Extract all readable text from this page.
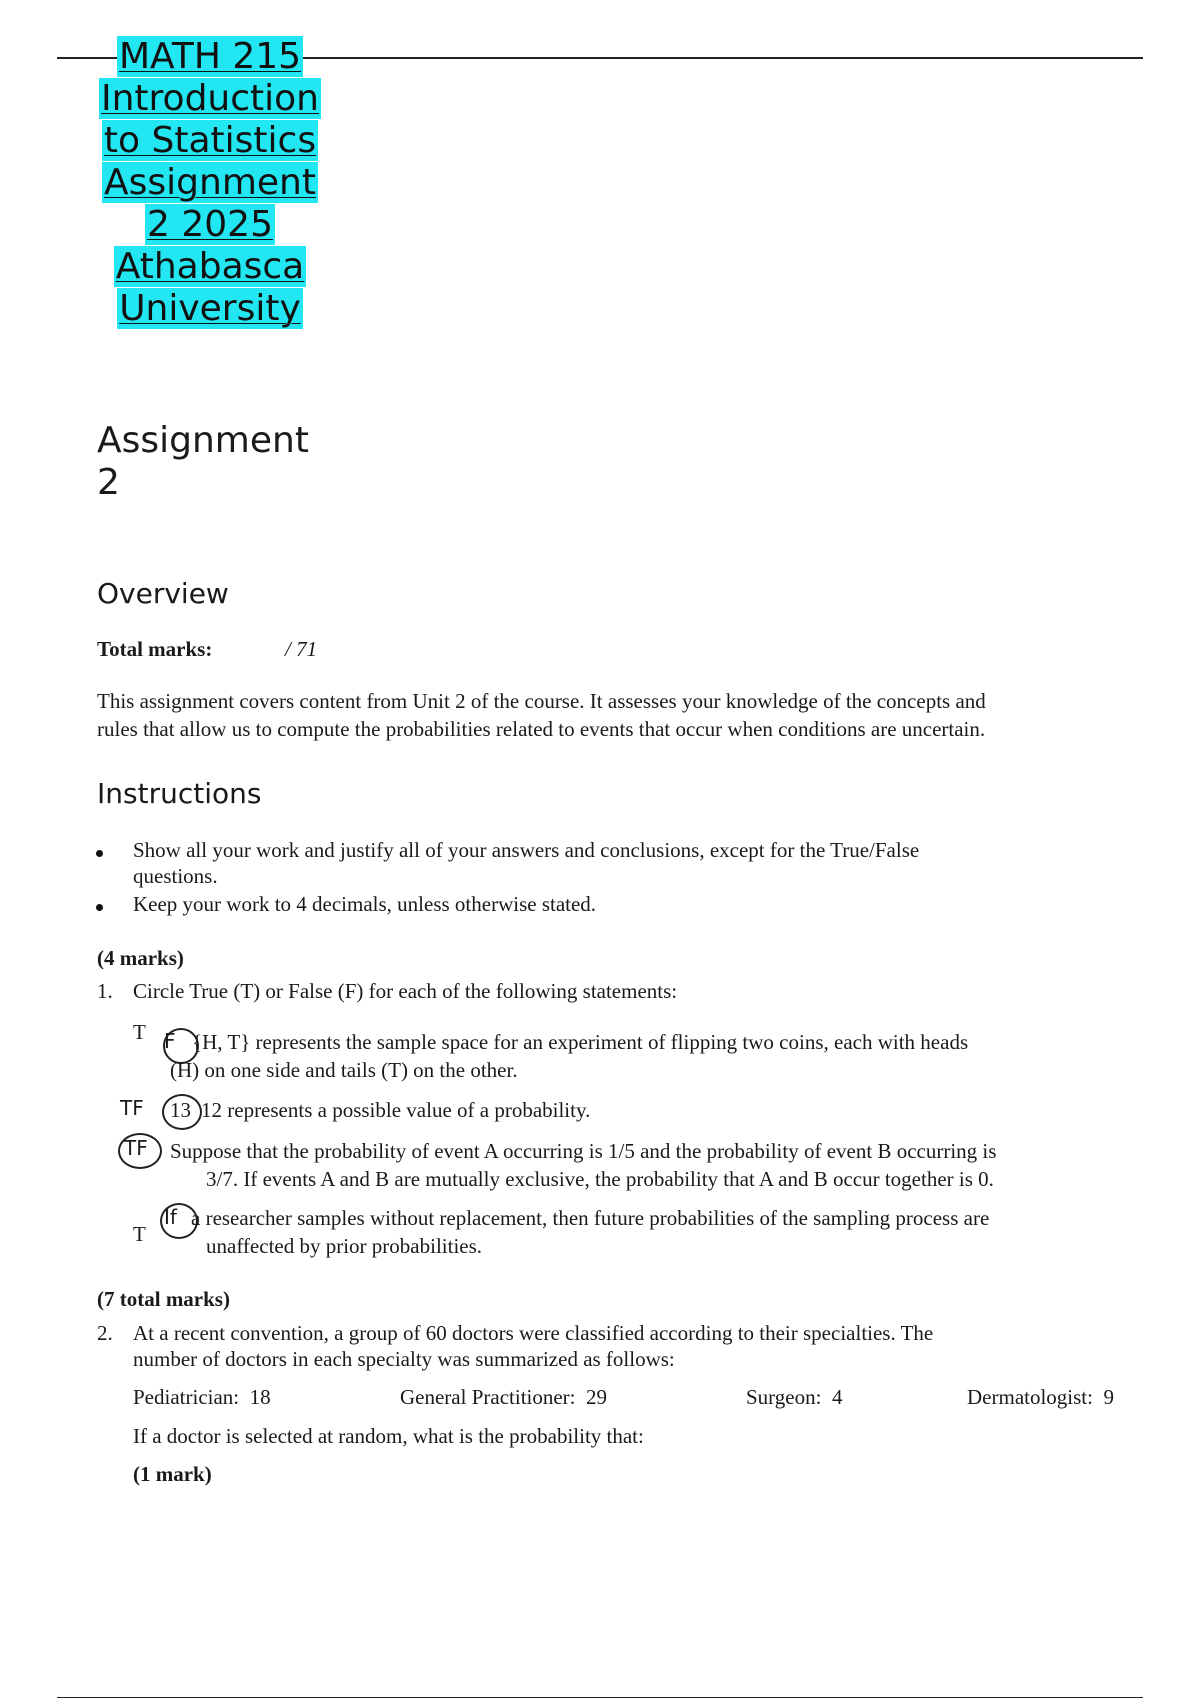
MATH 215
Introduction
to Statistics
Assignment
2 2025
Athabasca
University
Assignment
2
Overview
Total marks:	/ 71
This assignment covers content from Unit 2 of the course. It assesses your knowledge of the concepts and
rules that allow us to compute the probabilities related to events that occur when conditions are uncertain.
Instructions
Show all your work and justify all of your answers and conclusions, except for the True/False
questions.
Keep your work to 4 decimals, unless otherwise stated.
(4 marks)
1. Circle True (T) or False (F) for each of the following statements:
T F {H, T} represents the sample space for an experiment of flipping two coins, each with heads
(H) on one side and tails (T) on the other.
TF 13 12 represents a possible value of a probability.
TF Suppose that the probability of event A occurring is 1/5 and the probability of event B occurring is
3/7. If events A and B are mutually exclusive, the probability that A and B occur together is 0.
T
If a researcher samples without replacement, then future probabilities of the sampling process are
unaffected by prior probabilities.
(7 total marks)
2. At a recent convention, a group of 60 doctors were classified according to their specialties. The
number of doctors in each specialty was summarized as follows:
Pediatrician: 18	General Practitioner: 29	Surgeon: 4	Dermatologist: 9
If a doctor is selected at random, what is the probability that:
(1 mark)
